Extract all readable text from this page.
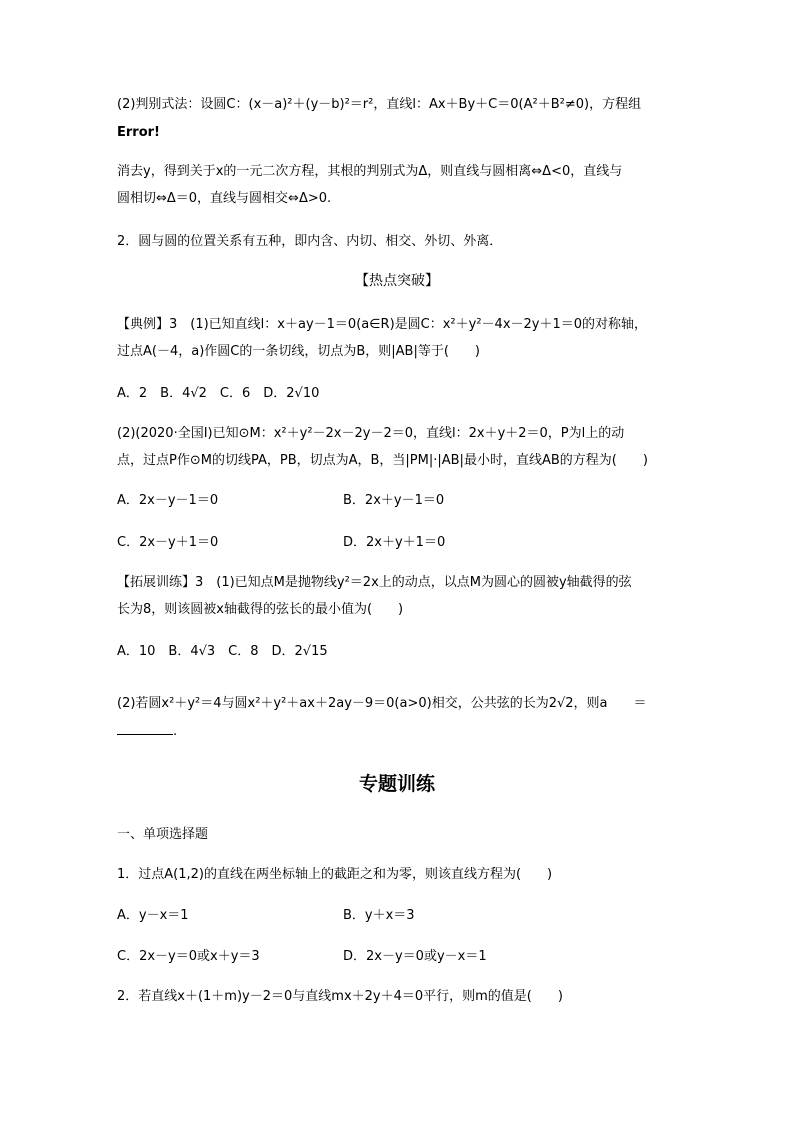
(2)判别式法：设圆C：(x－a)²＋(y－b)²＝r²，直线l：Ax＋By＋C＝0(A²＋B²≠0)，方程组
Error!
消去y，得到关于x的一元二次方程，其根的判别式为Δ，则直线与圆相离⇔Δ<0，直线与
圆相切⇔Δ＝0，直线与圆相交⇔Δ>0.
2．圆与圆的位置关系有五种，即内含、内切、相交、外切、外离．
【热点突破】
【典例】3　(1)已知直线l：x＋ay－1＝0(a∈R)是圆C：x²＋y²－4x－2y＋1＝0的对称轴，
过点A(－4，a)作圆C的一条切线，切点为B，则|AB|等于(　　)
A．2　B．4√2　C．6　D．2√10
(2)(2020·全国Ⅰ)已知⊙M：x²＋y²－2x－2y－2＝0，直线l：2x＋y＋2＝0，P为l上的动
点，过点P作⊙M的切线PA，PB，切点为A，B，当|PM|·|AB|最小时，直线AB的方程为(　　)
A．2x－y－1＝0	B．2x＋y－1＝0
C．2x－y＋1＝0	D．2x＋y＋1＝0
【拓展训练】3　(1)已知点M是抛物线y²＝2x上的动点，以点M为圆心的圆被y轴截得的弦
长为8，则该圆被x轴截得的弦长的最小值为(　　)
A．10　B．4√3　C．8　D．2√15
(2)若圆x²＋y²＝4与圆x²＋y²＋ax＋2ay－9＝0(a>0)相交，公共弦的长为2√2，则a　　＝
.
专题训练
一、单项选择题
1．过点A(1,2)的直线在两坐标轴上的截距之和为零，则该直线方程为(　　)
A．y－x＝1	B．y＋x＝3
C．2x－y＝0或x＋y＝3	D．2x－y＝0或y－x＝1
2．若直线x＋(1＋m)y－2＝0与直线mx＋2y＋4＝0平行，则m的值是(　　)
